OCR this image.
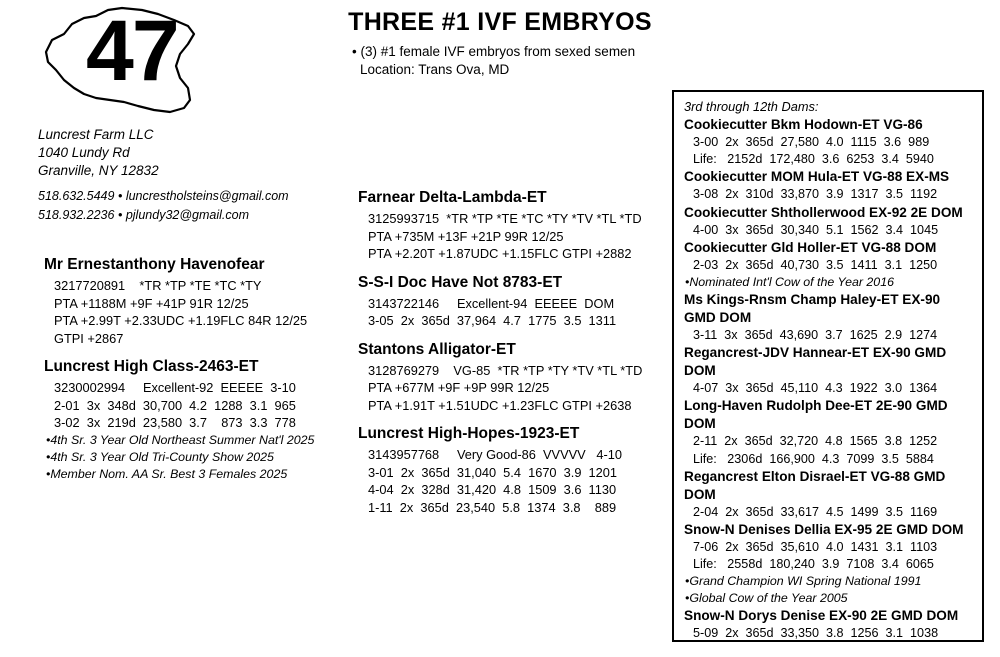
47	THREE #1 IVF EMBRYOS
• (3) #1 female IVF embryos from sexed semen
Location: Trans Ova, MD
Luncrest Farm LLC
1040 Lundy Rd
Granville, NY 12832
518.632.5449 • luncrestholsteins@gmail.com
518.932.2236 • pjlundy32@gmail.com
Mr Ernestanthony Havenofear
3217720891    *TR *TP *TE *TC *TY
PTA +1188M +9F +41P 91R 12/25
PTA +2.99T +2.33UDC +1.19FLC 84R 12/25
GTPI +2867
Luncrest High Class-2463-ET
3230002994     Excellent-92  EEEEE  3-10
2-01  3x  348d  30,700  4.2  1288  3.1  965
3-02  3x  219d  23,580  3.7    873  3.3  778
•4th Sr. 3 Year Old Northeast Summer Nat'l 2025
•4th Sr. 3 Year Old Tri-County Show 2025
•Member Nom. AA Sr. Best 3 Females 2025
Farnear Delta-Lambda-ET
3125993715  *TR *TP *TE *TC *TY *TV *TL *TD
PTA +735M +13F +21P 99R 12/25
PTA +2.20T +1.87UDC +1.15FLC GTPI +2882
S-S-I Doc Have Not 8783-ET
3143722146     Excellent-94  EEEEE  DOM
3-05  2x  365d  37,964  4.7  1775  3.5  1311
Stantons Alligator-ET
3128769279    VG-85  *TR *TP *TY *TV *TL *TD
PTA +677M +9F +9P 99R 12/25
PTA +1.91T +1.51UDC +1.23FLC GTPI +2638
Luncrest High-Hopes-1923-ET
3143957768     Very Good-86  VVVVV   4-10
3-01  2x  365d  31,040  5.4  1670  3.9  1201
4-04  2x  328d  31,420  4.8  1509  3.6  1130
1-11  2x  365d  23,540  5.8  1374  3.8    889
3rd through 12th Dams:
Cookiecutter Bkm Hodown-ET VG-86
3-00  2x  365d  27,580  4.0  1115  3.6  989
Life:   2152d  172,480  3.6  6253  3.4  5940
Cookiecutter MOM Hula-ET VG-88 EX-MS
3-08  2x  310d  33,870  3.9  1317  3.5  1192
Cookiecutter Shthollerwood EX-92 2E DOM
4-00  3x  365d  30,340  5.1  1562  3.4  1045
Cookiecutter Gld Holler-ET VG-88 DOM
2-03  2x  365d  40,730  3.5  1411  3.1  1250
•Nominated Int'l Cow of the Year 2016
Ms Kings-Rnsm Champ Haley-ET EX-90 GMD DOM
3-11  3x  365d  43,690  3.7  1625  2.9  1274
Regancrest-JDV Hannear-ET EX-90 GMD DOM
4-07  3x  365d  45,110  4.3  1922  3.0  1364
Long-Haven Rudolph Dee-ET 2E-90 GMD DOM
2-11  2x  365d  32,720  4.8  1565  3.8  1252
Life:   2306d  166,900  4.3  7099  3.5  5884
Regancrest Elton Disrael-ET VG-88 GMD DOM
2-04  2x  365d  33,617  4.5  1499  3.5  1169
Snow-N Denises Dellia EX-95 2E GMD DOM
7-06  2x  365d  35,610  4.0  1431  3.1  1103
Life:   2558d  180,240  3.9  7108  3.4  6065
•Grand Champion WI Spring National 1991
•Global Cow of the Year 2005
Snow-N Dorys Denise EX-90 2E GMD DOM
5-09  2x  365d  33,350  3.8  1256  3.1  1038
